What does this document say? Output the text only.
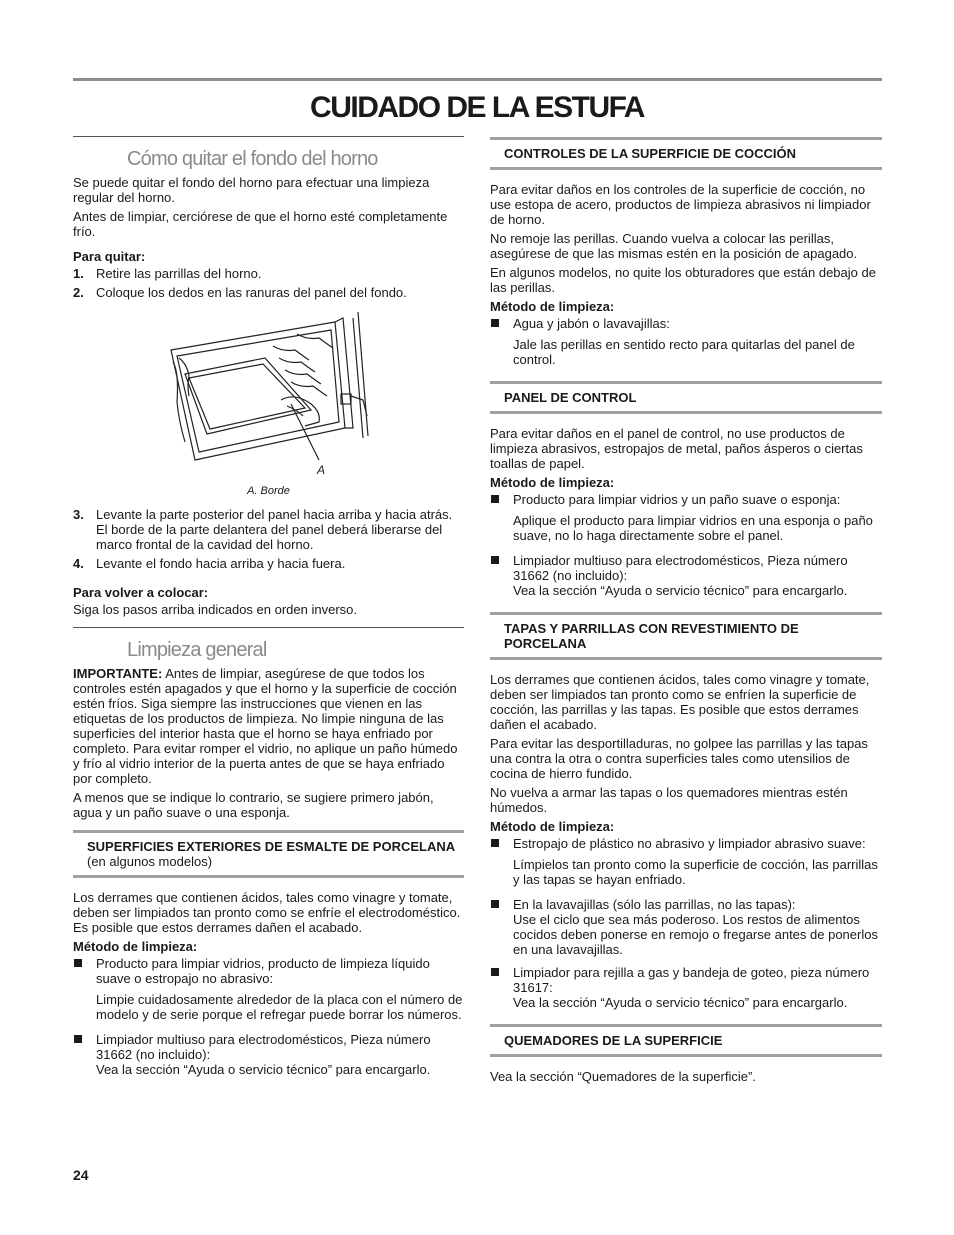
CUIDADO DE LA ESTUFA
Cómo quitar el fondo del horno

Se puede quitar el fondo del horno para efectuar una limpieza regular del horno.

Antes de limpiar, cerciórese de que el horno esté completamente frío.

Para quitar:
1. Retire las parrillas del horno.
2. Coloque los dedos en las ranuras del panel del fondo.
A
A. Borde
3. Levante la parte posterior del panel hacia arriba y hacia atrás. El borde de la parte delantera del panel deberá liberarse del marco frontal de la cavidad del horno.
4. Levante el fondo hacia arriba y hacia fuera.
Para volver a colocar:

Siga los pasos arriba indicados en orden inverso.

Limpieza general

IMPORTANTE: Antes de limpiar, asegúrese de que todos los controles estén apagados y que el horno y la superficie de cocción estén fríos. Siga siempre las instrucciones que vienen en las etiquetas de los productos de limpieza. No limpie ninguna de las superficies del interior hasta que el horno se haya enfriado por completo. Para evitar romper el vidrio, no aplique un paño húmedo y frío al vidrio interior de la puerta antes de que se haya enfriado por completo.

A menos que se indique lo contrario, se sugiere primero jabón, agua y un paño suave o una esponja.

SUPERFICIES EXTERIORES DE ESMALTE DE PORCELANA
(en algunos modelos)

Los derrames que contienen ácidos, tales como vinagre y tomate, deben ser limpiados tan pronto como se enfríe el electrodoméstico. Es posible que estos derrames dañen el acabado.

Método de limpieza:
Producto para limpiar vidrios, producto de limpieza líquido suave o estropajo no abrasivo:
Limpie cuidadosamente alrededor de la placa con el número de modelo y de serie porque el refregar puede borrar los números.
Limpiador multiuso para electrodomésticos, Pieza número 31662 (no incluido):
Vea la sección “Ayuda o servicio técnico” para encargarlo.
CONTROLES DE LA SUPERFICIE DE COCCIÓN

Para evitar daños en los controles de la superficie de cocción, no use estopa de acero, productos de limpieza abrasivos ni limpiador de horno.

No remoje las perillas. Cuando vuelva a colocar las perillas, asegúrese de que las mismas estén en la posición de apagado.

En algunos modelos, no quite los obturadores que están debajo de las perillas.

Método de limpieza:
Agua y jabón o lavavajillas:
Jale las perillas en sentido recto para quitarlas del panel de control.
PANEL DE CONTROL

Para evitar daños en el panel de control, no use productos de limpieza abrasivos, estropajos de metal, paños ásperos o ciertas toallas de papel.

Método de limpieza:
Producto para limpiar vidrios y un paño suave o esponja:
Aplique el producto para limpiar vidrios en una esponja o paño suave, no lo haga directamente sobre el panel.
Limpiador multiuso para electrodomésticos, Pieza número 31662 (no incluido):
Vea la sección “Ayuda o servicio técnico” para encargarlo.
TAPAS Y PARRILLAS CON REVESTIMIENTO DE PORCELANA

Los derrames que contienen ácidos, tales como vinagre y tomate, deben ser limpiados tan pronto como se enfríen la superficie de cocción, las parrillas y las tapas. Es posible que estos derrames dañen el acabado.

Para evitar las desportilladuras, no golpee las parrillas y las tapas una contra la otra o contra superficies tales como utensilios de cocina de hierro fundido.

No vuelva a armar las tapas o los quemadores mientras estén húmedos.

Método de limpieza:
Estropajo de plástico no abrasivo y limpiador abrasivo suave:
Límpielos tan pronto como la superficie de cocción, las parrillas y las tapas se hayan enfriado.
En la lavavajillas (sólo las parrillas, no las tapas):
Use el ciclo que sea más poderoso. Los restos de alimentos cocidos deben ponerse en remojo o fregarse antes de ponerlos en una lavavajillas.
Limpiador para rejilla a gas y bandeja de goteo, pieza número 31617:
Vea la sección “Ayuda o servicio técnico” para encargarlo.
QUEMADORES DE LA SUPERFICIE

Vea la sección “Quemadores de la superficie”.

24
